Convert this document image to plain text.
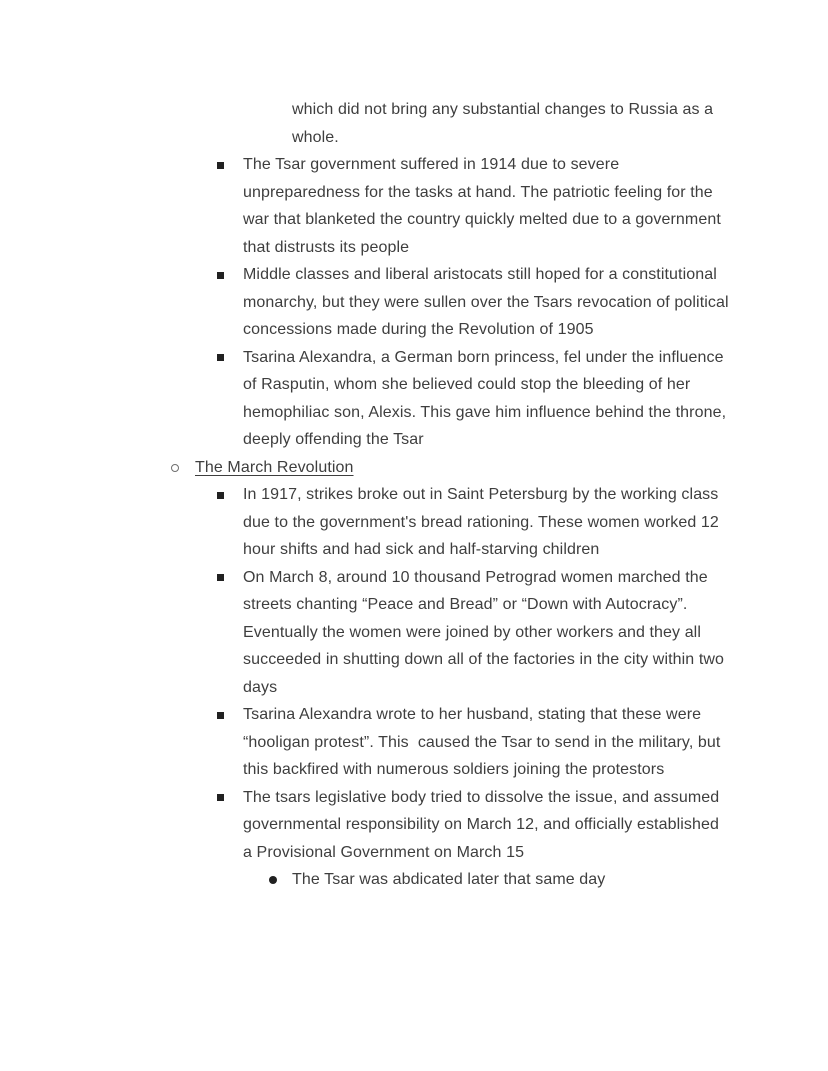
which did not bring any substantial changes to Russia as a whole.
The Tsar government suffered in 1914 due to severe unpreparedness for the tasks at hand. The patriotic feeling for the war that blanketed the country quickly melted due to a government that distrusts its people
Middle classes and liberal aristocats still hoped for a constitutional monarchy, but they were sullen over the Tsars revocation of political concessions made during the Revolution of 1905
Tsarina Alexandra, a German born princess, fel under the influence of Rasputin, whom she believed could stop the bleeding of her hemophiliac son, Alexis. This gave him influence behind the throne, deeply offending the Tsar
The March Revolution
In 1917, strikes broke out in Saint Petersburg by the working class due to the government's bread rationing. These women worked 12 hour shifts and had sick and half-starving children
On March 8, around 10 thousand Petrograd women marched the streets chanting “Peace and Bread” or “Down with Autocracy”. Eventually the women were joined by other workers and they all succeeded in shutting down all of the factories in the city within two days
Tsarina Alexandra wrote to her husband, stating that these were “hooligan protest”. This  caused the Tsar to send in the military, but this backfired with numerous soldiers joining the protestors
The tsars legislative body tried to dissolve the issue, and assumed governmental responsibility on March 12, and officially established a Provisional Government on March 15
The Tsar was abdicated later that same day
